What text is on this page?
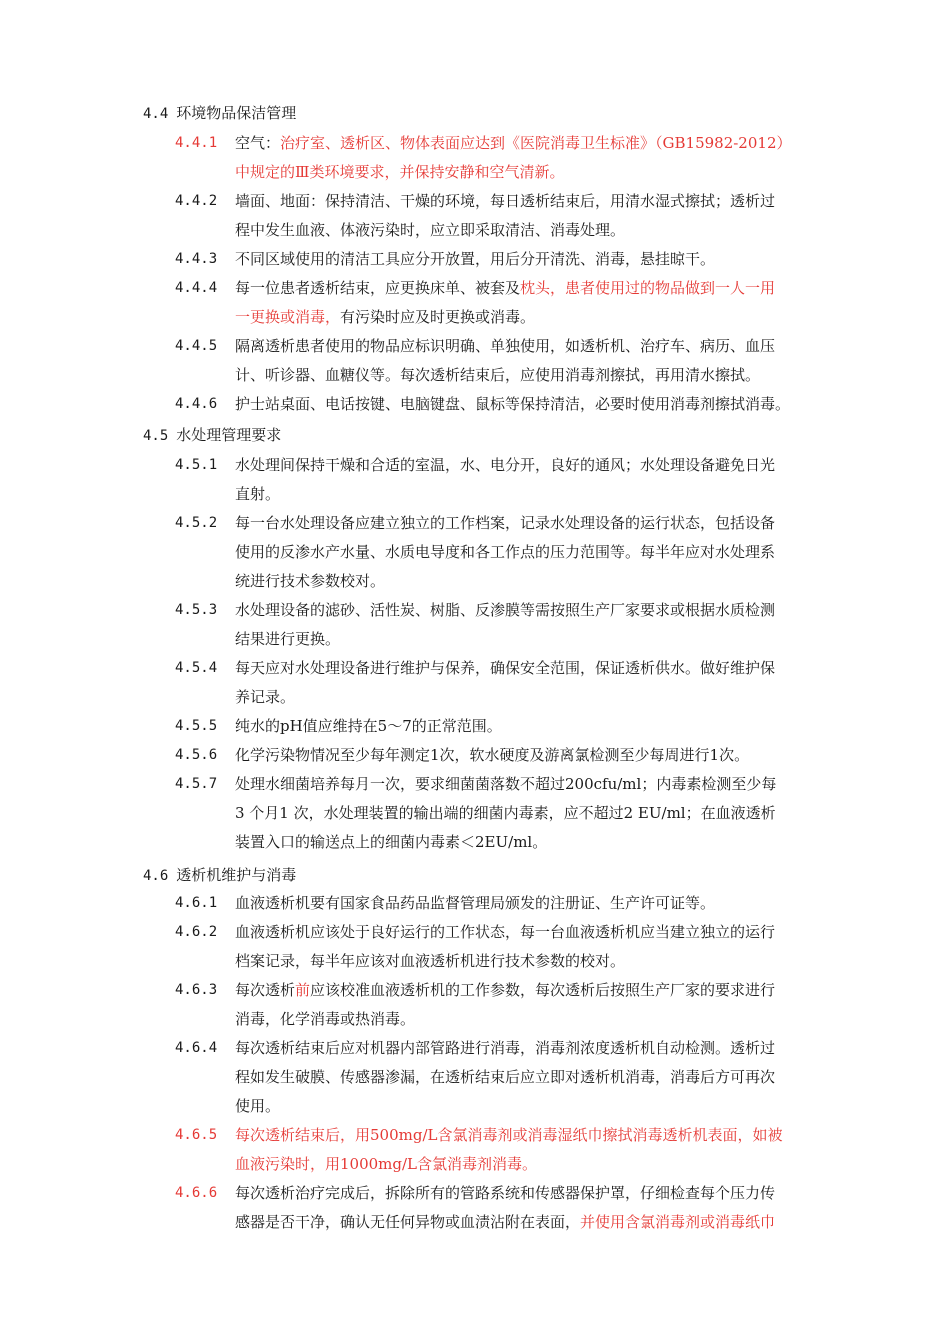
4.4 环境物品保洁管理
4.4.1	空气：治疗室、透析区、物体表面应达到《医院消毒卫生标准》（GB15982-2012）
中规定的Ⅲ类环境要求，并保持安静和空气清新。
4.4.2	墙面、地面：保持清洁、干燥的环境，每日透析结束后，用清水湿式擦拭；透析过
程中发生血液、体液污染时，应立即采取清洁、消毒处理。
4.4.3	不同区域使用的清洁工具应分开放置，用后分开清洗、消毒，悬挂晾干。
4.4.4	每一位患者透析结束，应更换床单、被套及枕头，患者使用过的物品做到一人一用
一更换或消毒，有污染时应及时更换或消毒。
4.4.5	隔离透析患者使用的物品应标识明确、单独使用，如透析机、治疗车、病历、血压
计、听诊器、血糖仪等。每次透析结束后，应使用消毒剂擦拭，再用清水擦拭。
4.4.6	护士站桌面、电话按键、电脑键盘、鼠标等保持清洁，必要时使用消毒剂擦拭消毒。
4.5 水处理管理要求
4.5.1	水处理间保持干燥和合适的室温，水、电分开，良好的通风；水处理设备避免日光
直射。
4.5.2	每一台水处理设备应建立独立的工作档案，记录水处理设备的运行状态，包括设备
使用的反渗水产水量、水质电导度和各工作点的压力范围等。每半年应对水处理系
统进行技术参数校对。
4.5.3	水处理设备的滤砂、活性炭、树脂、反渗膜等需按照生产厂家要求或根据水质检测
结果进行更换。
4.5.4	每天应对水处理设备进行维护与保养，确保安全范围，保证透析供水。做好维护保
养记录。
4.5.5	纯水的pH值应维持在5～7的正常范围。
4.5.6	化学污染物情况至少每年测定1次，软水硬度及游离氯检测至少每周进行1次。
4.5.7	处理水细菌培养每月一次，要求细菌菌落数不超过200cfu/ml；内毒素检测至少每
3 个月1 次，水处理装置的输出端的细菌内毒素，应不超过2 EU/ml；在血液透析
装置入口的输送点上的细菌内毒素＜2EU/ml。
4.6 透析机维护与消毒
4.6.1	血液透析机要有国家食品药品监督管理局颁发的注册证、生产许可证等。
4.6.2	血液透析机应该处于良好运行的工作状态，每一台血液透析机应当建立独立的运行
档案记录，每半年应该对血液透析机进行技术参数的校对。
4.6.3	每次透析前应该校准血液透析机的工作参数，每次透析后按照生产厂家的要求进行
消毒，化学消毒或热消毒。
4.6.4	每次透析结束后应对机器内部管路进行消毒，消毒剂浓度透析机自动检测。透析过
程如发生破膜、传感器渗漏，在透析结束后应立即对透析机消毒，消毒后方可再次
使用。
4.6.5	每次透析结束后，用500mg/L含氯消毒剂或消毒湿纸巾擦拭消毒透析机表面，如被
血液污染时，用1000mg/L含氯消毒剂消毒。
4.6.6	每次透析治疗完成后，拆除所有的管路系统和传感器保护罩，仔细检查每个压力传
感器是否干净，确认无任何异物或血渍沾附在表面，并使用含氯消毒剂或消毒纸巾
